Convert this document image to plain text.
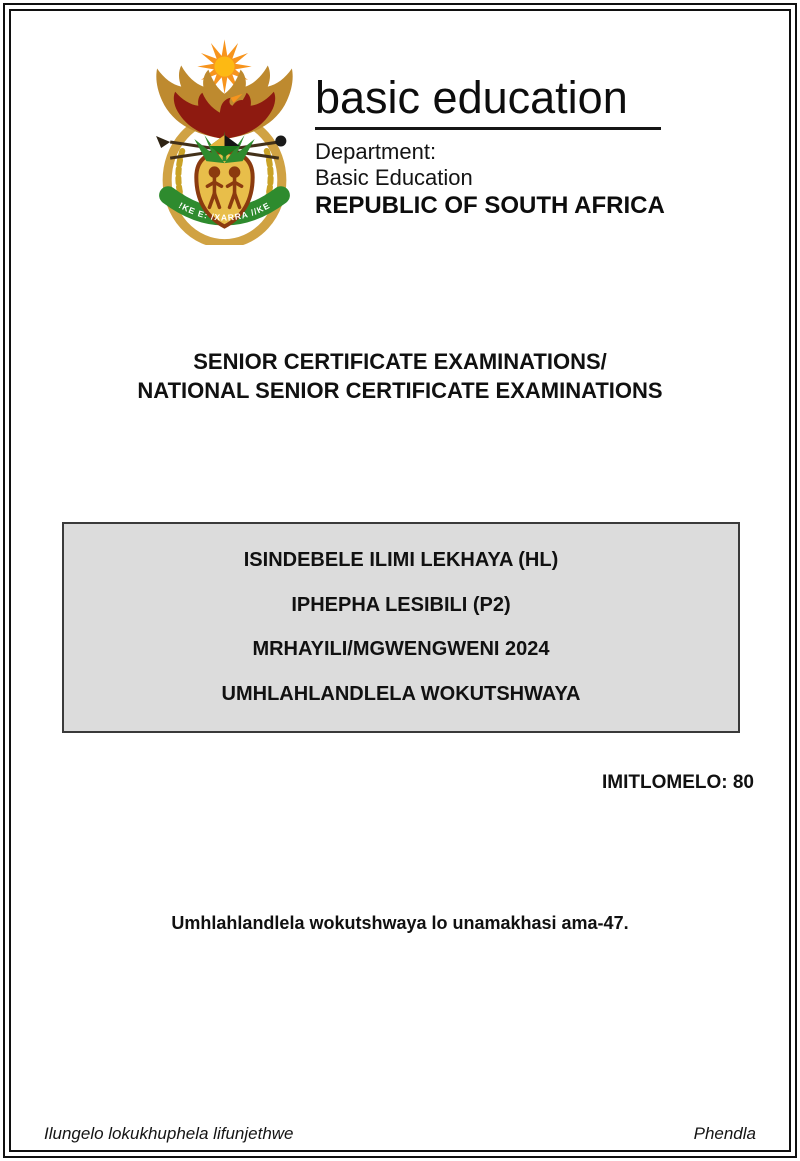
!KE E: /XARRA //KE
basic education
Department:
Basic Education
REPUBLIC OF SOUTH AFRICA
SENIOR CERTIFICATE EXAMINATIONS/
NATIONAL SENIOR CERTIFICATE EXAMINATIONS
ISINDEBELE ILIMI LEKHAYA (HL)
IPHEPHA LESIBILI (P2)
MRHAYILI/MGWENGWENI 2024
UMHLAHLANDLELA WOKUTSHWAYA
IMITLOMELO: 80
Umhlahlandlela wokutshwaya lo unamakhasi ama-47.
Ilungelo lokukhuphela lifunjethwe	Phendla
